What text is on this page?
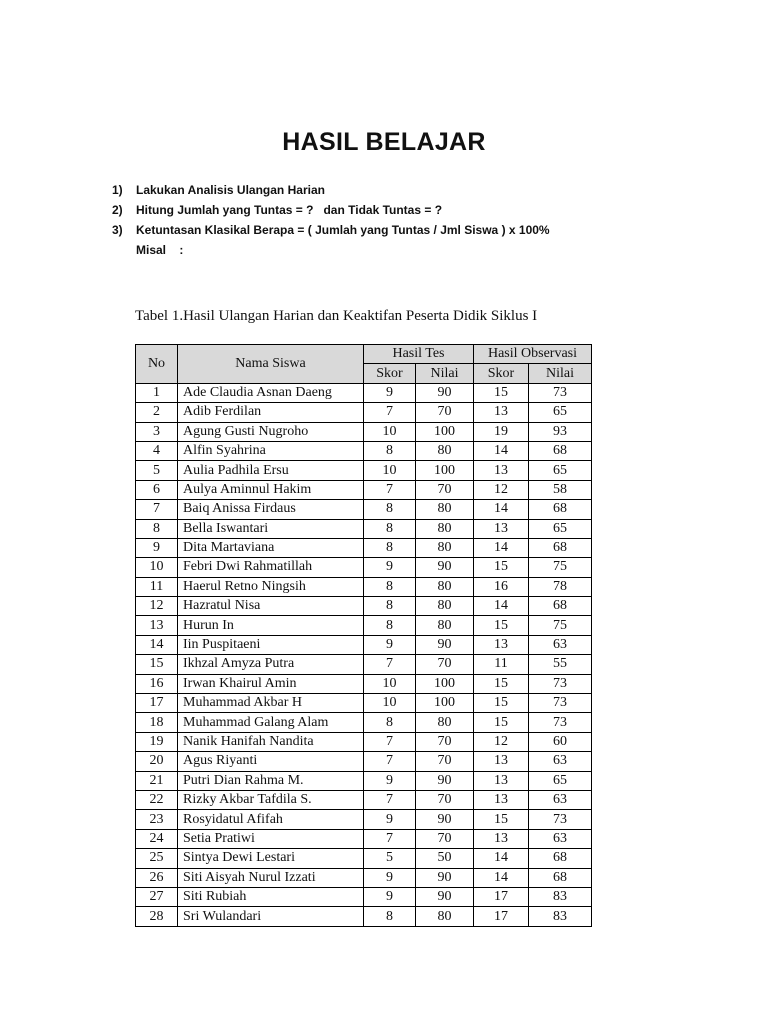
HASIL BELAJAR
1)	Lakukan Analisis Ulangan Harian
2)	Hitung Jumlah yang Tuntas = ?   dan Tidak Tuntas = ?
3)	Ketuntasan Klasikal Berapa = ( Jumlah yang Tuntas / Jml Siswa ) x 100%
Misal    :
Tabel 1.Hasil Ulangan Harian dan Keaktifan Peserta Didik Siklus I
No	Nama Siswa	Hasil Tes		Hasil Observasi	
		Skor	Nilai	Skor	Nilai
1	Ade Claudia Asnan Daeng	9	90	15	73
2	Adib Ferdilan	7	70	13	65
3	Agung Gusti Nugroho	10	100	19	93
4	Alfin Syahrina	8	80	14	68
5	Aulia Padhila Ersu	10	100	13	65
6	Aulya Aminnul Hakim	7	70	12	58
7	Baiq Anissa Firdaus	8	80	14	68
8	Bella Iswantari	8	80	13	65
9	Dita Martaviana	8	80	14	68
10	Febri Dwi Rahmatillah	9	90	15	75
11	Haerul Retno Ningsih	8	80	16	78
12	Hazratul Nisa	8	80	14	68
13	Hurun In	8	80	15	75
14	Iin Puspitaeni	9	90	13	63
15	Ikhzal Amyza Putra	7	70	11	55
16	Irwan Khairul Amin	10	100	15	73
17	Muhammad Akbar H	10	100	15	73
18	Muhammad Galang Alam	8	80	15	73
19	Nanik Hanifah Nandita	7	70	12	60
20	Agus Riyanti	7	70	13	63
21	Putri Dian Rahma M.	9	90	13	65
22	Rizky Akbar Tafdila S.	7	70	13	63
23	Rosyidatul Afifah	9	90	15	73
24	Setia Pratiwi	7	70	13	63
25	Sintya Dewi Lestari	5	50	14	68
26	Siti Aisyah Nurul Izzati	9	90	14	68
27	Siti Rubiah	9	90	17	83
28	Sri Wulandari	8	80	17	83
